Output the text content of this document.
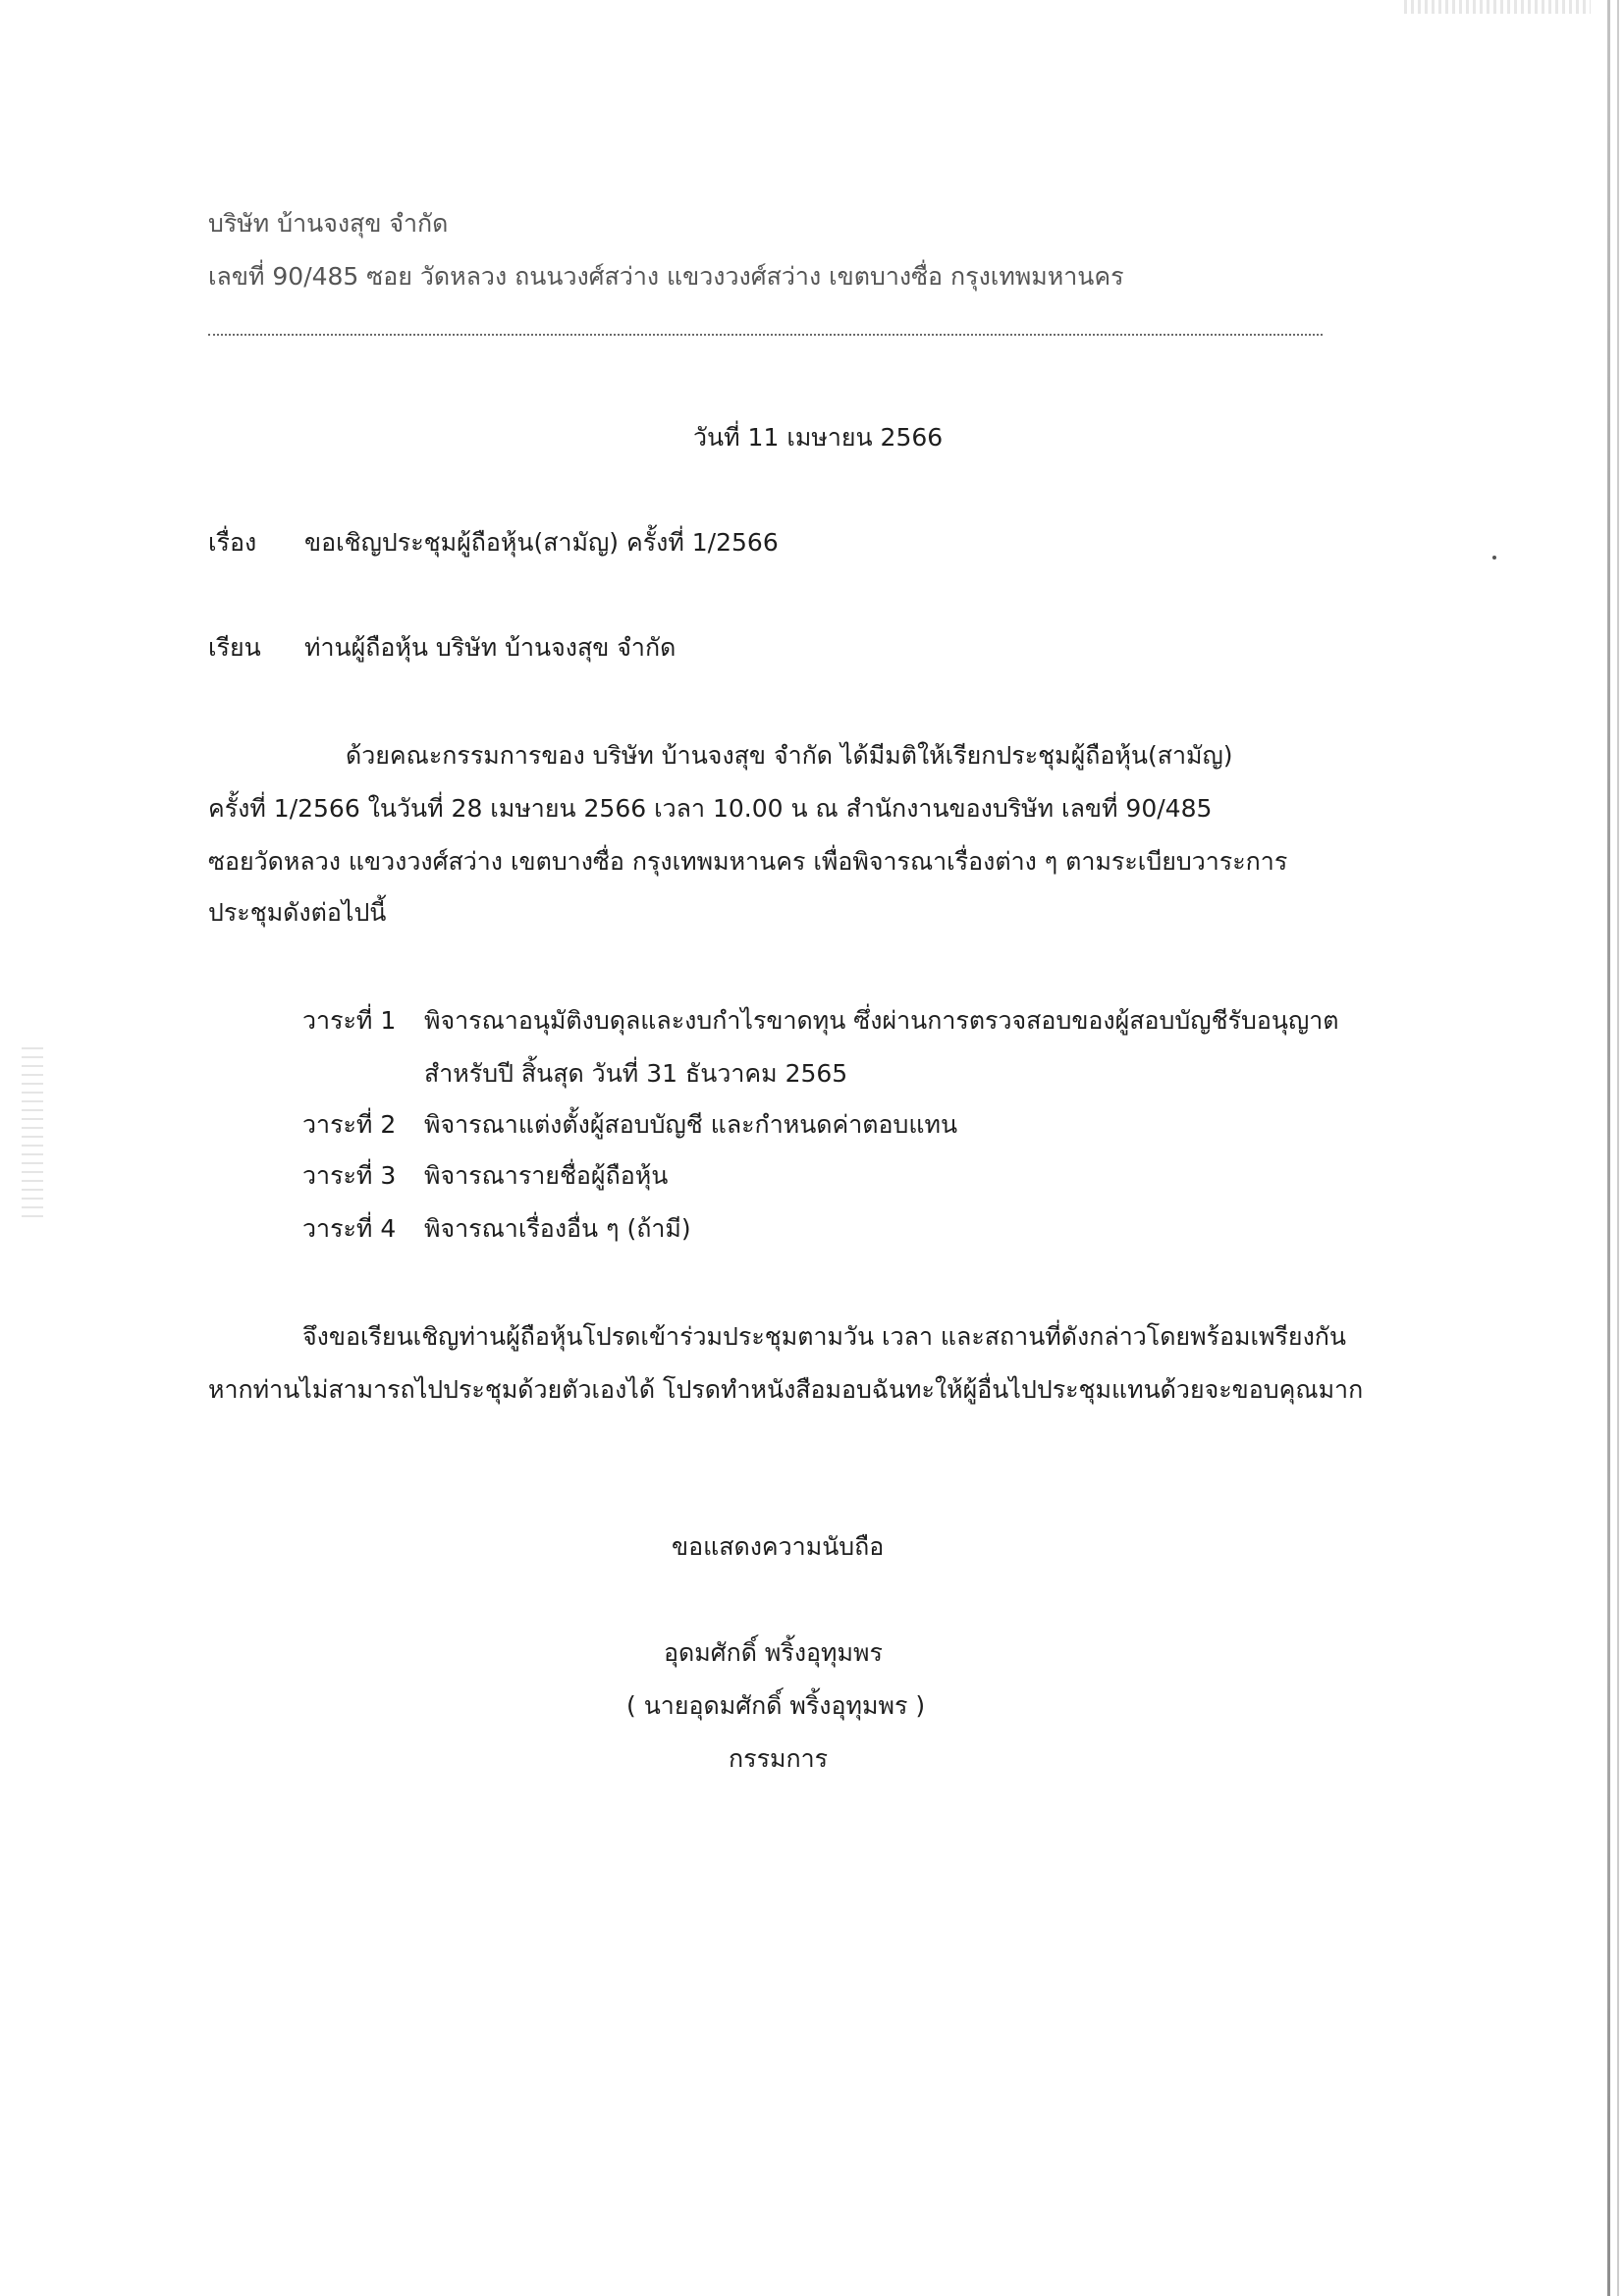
บริษัท บ้านจงสุข จำกัด
เลขที่ 90/485 ซอย วัดหลวง ถนนวงศ์สว่าง แขวงวงศ์สว่าง เขตบางซื่อ กรุงเทพมหานคร
วันที่ 11 เมษายน 2566
เรื่อง ขอเชิญประชุมผู้ถือหุ้น(สามัญ) ครั้งที่ 1/2566
เรียน ท่านผู้ถือหุ้น บริษัท บ้านจงสุข จำกัด
ด้วยคณะกรรมการของ บริษัท บ้านจงสุข จำกัด ได้มีมติให้เรียกประชุมผู้ถือหุ้น(สามัญ)
ครั้งที่ 1/2566 ในวันที่ 28 เมษายน 2566 เวลา 10.00 น ณ สำนักงานของบริษัท เลขที่ 90/485
ซอยวัดหลวง แขวงวงศ์สว่าง เขตบางซื่อ กรุงเทพมหานคร เพื่อพิจารณาเรื่องต่าง ๆ ตามระเบียบวาระการ
ประชุมดังต่อไปนี้
วาระที่ 1 พิจารณาอนุมัติงบดุลและงบกำไรขาดทุน ซึ่งผ่านการตรวจสอบของผู้สอบบัญชีรับอนุญาต
สำหรับปี สิ้นสุด วันที่ 31 ธันวาคม 2565
วาระที่ 2 พิจารณาแต่งตั้งผู้สอบบัญชี และกำหนดค่าตอบแทน
วาระที่ 3 พิจารณารายชื่อผู้ถือหุ้น
วาระที่ 4 พิจารณาเรื่องอื่น ๆ (ถ้ามี)
จึงขอเรียนเชิญท่านผู้ถือหุ้นโปรดเข้าร่วมประชุมตามวัน เวลา และสถานที่ดังกล่าวโดยพร้อมเพรียงกัน
หากท่านไม่สามารถไปประชุมด้วยตัวเองได้ โปรดทำหนังสือมอบฉันทะให้ผู้อื่นไปประชุมแทนด้วยจะขอบคุณมาก
ขอแสดงความนับถือ
อุดมศักดิ์ พริ้งอุทุมพร
( นายอุดมศักดิ์ พริ้งอุทุมพร )
กรรมการ
